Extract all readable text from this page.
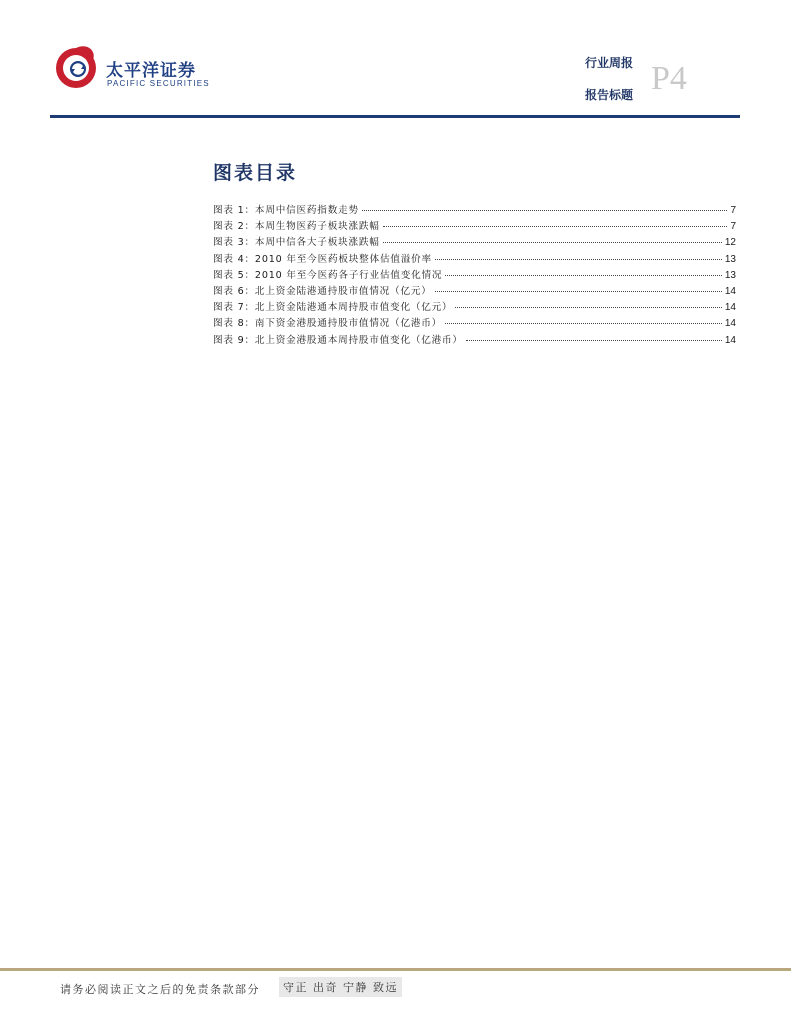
太平洋证券
PACIFIC SECURITIES
行业周报
报告标题 P4
图表目录
图表 1：本周中信医药指数走势	7
图表 2：本周生物医药子板块涨跌幅	7
图表 3：本周中信各大子板块涨跌幅	12
图表 4：2010 年至今医药板块整体估值溢价率	13
图表 5：2010 年至今医药各子行业估值变化情况	13
图表 6：北上资金陆港通持股市值情况（亿元）	14
图表 7：北上资金陆港通本周持股市值变化（亿元）	14
图表 8：南下资金港股通持股市值情况（亿港币）	14
图表 9：北上资金港股通本周持股市值变化（亿港币）	14
请务必阅读正文之后的免责条款部分	守正 出奇 宁静 致远
